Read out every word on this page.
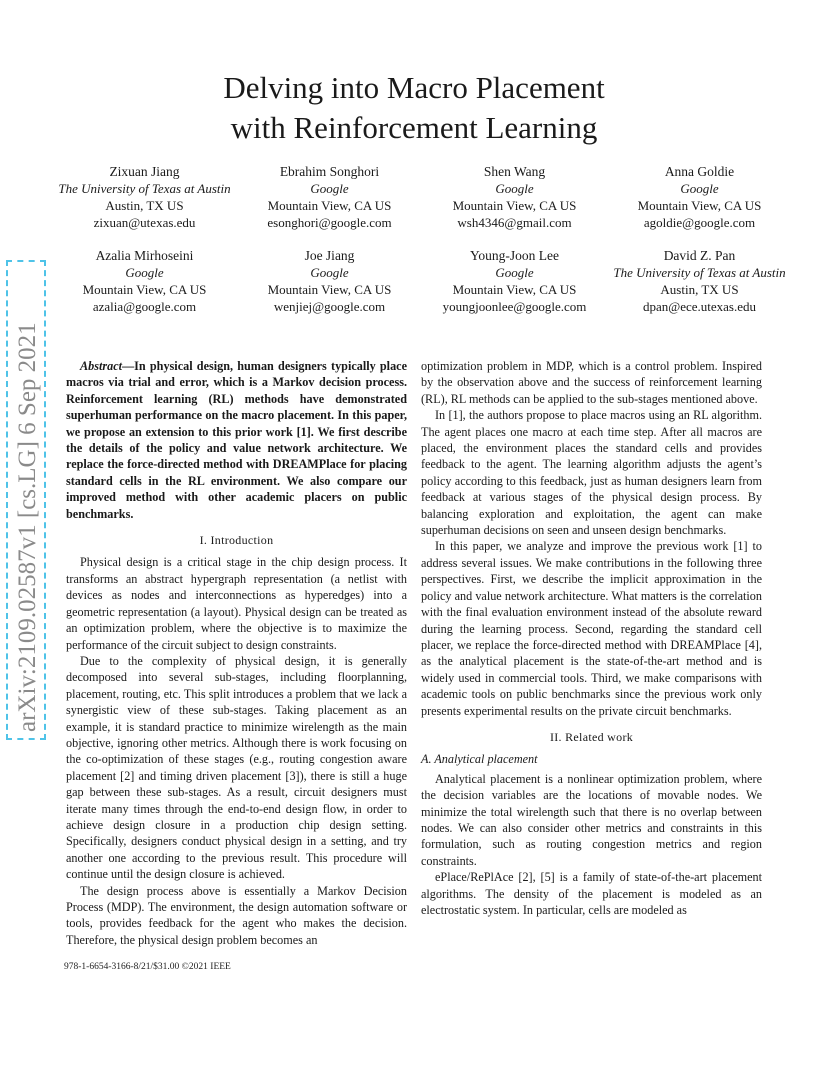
arXiv:2109.02587v1 [cs.LG] 6 Sep 2021
Delving into Macro Placement
with Reinforcement Learning
Zixuan Jiang
The University of Texas at Austin
Austin, TX US
zixuan@utexas.edu
Ebrahim Songhori
Google
Mountain View, CA US
esonghori@google.com
Shen Wang
Google
Mountain View, CA US
wsh4346@gmail.com
Anna Goldie
Google
Mountain View, CA US
agoldie@google.com
Azalia Mirhoseini
Google
Mountain View, CA US
azalia@google.com
Joe Jiang
Google
Mountain View, CA US
wenjiej@google.com
Young-Joon Lee
Google
Mountain View, CA US
youngjoonlee@google.com
David Z. Pan
The University of Texas at Austin
Austin, TX US
dpan@ece.utexas.edu

Abstract—In physical design, human designers typically place macros via trial and error, which is a Markov decision process. Reinforcement learning (RL) methods have demonstrated superhuman performance on the macro placement. In this paper, we propose an extension to this prior work [1]. We first describe the details of the policy and value network architecture. We replace the force-directed method with DREAMPlace for placing standard cells in the RL environment. We also compare our improved method with other academic placers on public benchmarks.

I. Introduction

Physical design is a critical stage in the chip design process. It transforms an abstract hypergraph representation (a netlist with devices as nodes and interconnections as hyperedges) into a geometric representation (a layout). Physical design can be treated as an optimization problem, where the objective is to maximize the performance of the circuit subject to design constraints.

Due to the complexity of physical design, it is generally decomposed into several sub-stages, including floorplanning, placement, routing, etc. This split introduces a problem that we lack a synergistic view of these sub-stages. Taking placement as an example, it is standard practice to minimize wirelength as the main objective, ignoring other metrics. Although there is work focusing on the co-optimization of these stages (e.g., routing congestion aware placement [2] and timing driven placement [3]), there is still a huge gap between these sub-stages. As a result, circuit designers must iterate many times through the end-to-end design flow, in order to achieve design closure in a production chip design setting. Specifically, designers conduct physical design in a setting, and try another one according to the previous result. This procedure will continue until the design closure is achieved.

The design process above is essentially a Markov Decision Process (MDP). The environment, the design automation software or tools, provides feedback for the agent who makes the decision. Therefore, the physical design problem becomes an

optimization problem in MDP, which is a control problem. Inspired by the observation above and the success of reinforcement learning (RL), RL methods can be applied to the sub-stages mentioned above.

In [1], the authors propose to place macros using an RL algorithm. The agent places one macro at each time step. After all macros are placed, the environment places the standard cells and provides feedback to the agent. The learning algorithm adjusts the agent’s policy according to this feedback, just as human designers learn from feedback at various stages of the physical design process. By balancing exploration and exploitation, the agent can make superhuman decisions on seen and unseen design benchmarks.

In this paper, we analyze and improve the previous work [1] to address several issues. We make contributions in the following three perspectives. First, we describe the implicit approximation in the policy and value network architecture. What matters is the correlation with the final evaluation environment instead of the absolute reward during the learning process. Second, regarding the standard cell placer, we replace the force-directed method with DREAMPlace [4], as the analytical placement is the state-of-the-art method and is widely used in commercial tools. Third, we make comparisons with academic tools on public benchmarks since the previous work only presents experimental results on the private circuit benchmarks.

II. Related work
A. Analytical placement

Analytical placement is a nonlinear optimization problem, where the decision variables are the locations of movable nodes. We minimize the total wirelength such that there is no overlap between nodes. We can also consider other metrics and constraints in this formulation, such as routing congestion metrics and region constraints.

ePlace/RePlAce [2], [5] is a family of state-of-the-art placement algorithms. The density of the placement is modeled as an electrostatic system. In particular, cells are modeled as

978-1-6654-3166-8/21/$31.00 ©2021 IEEE
